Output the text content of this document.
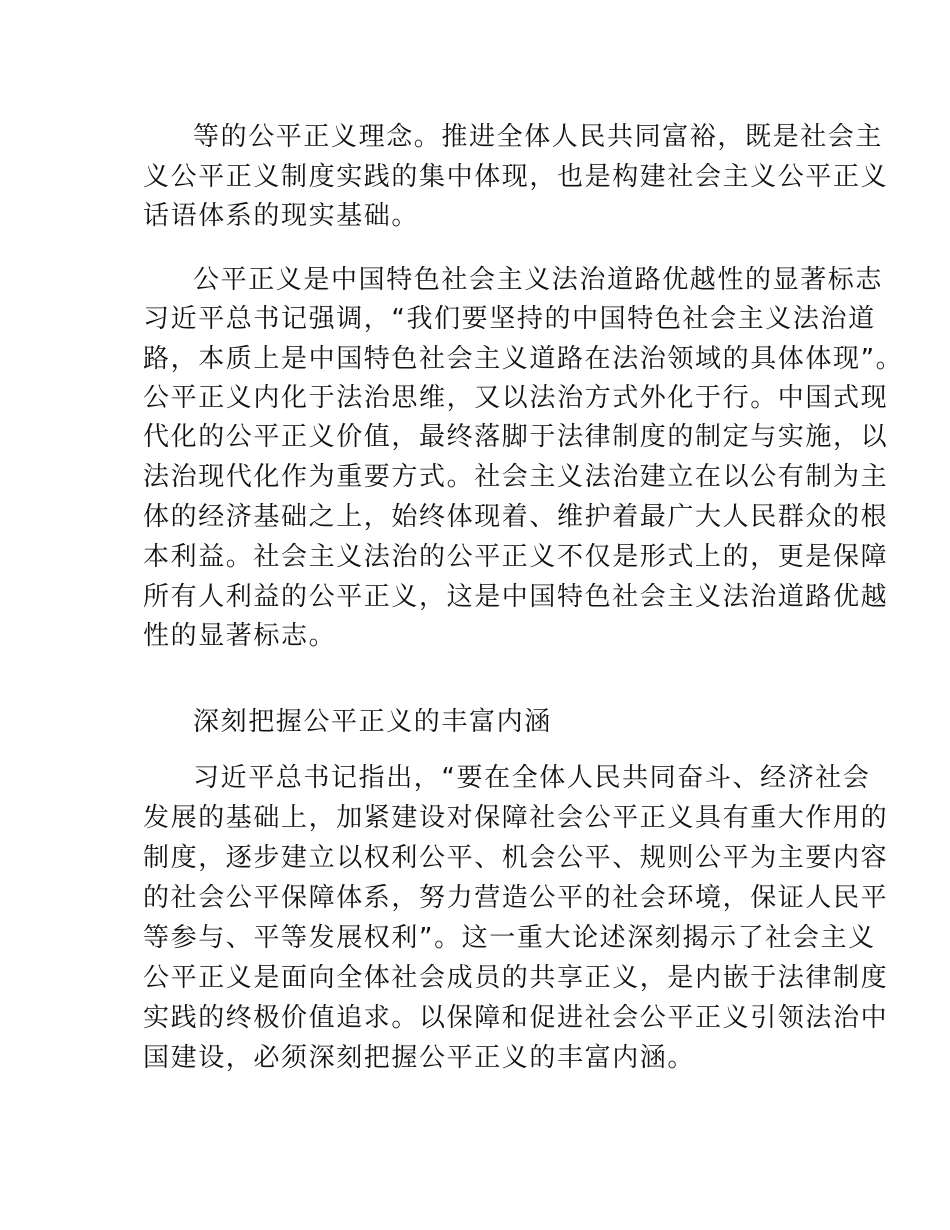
等的公平正义理念。推进全体人民共同富裕，既是社会主
义公平正义制度实践的集中体现，也是构建社会主义公平正义
话语体系的现实基础。
公平正义是中国特色社会主义法治道路优越性的显著标志
习近平总书记强调，“我们要坚持的中国特色社会主义法治道
路，本质上是中国特色社会主义道路在法治领域的具体体现”。
公平正义内化于法治思维，又以法治方式外化于行。中国式现
代化的公平正义价值，最终落脚于法律制度的制定与实施，以
法治现代化作为重要方式。社会主义法治建立在以公有制为主
体的经济基础之上，始终体现着、维护着最广大人民群众的根
本利益。社会主义法治的公平正义不仅是形式上的，更是保障
所有人利益的公平正义，这是中国特色社会主义法治道路优越
性的显著标志。
深刻把握公平正义的丰富内涵
习近平总书记指出，“要在全体人民共同奋斗、经济社会
发展的基础上，加紧建设对保障社会公平正义具有重大作用的
制度，逐步建立以权利公平、机会公平、规则公平为主要内容
的社会公平保障体系，努力营造公平的社会环境，保证人民平
等参与、平等发展权利”。这一重大论述深刻揭示了社会主义
公平正义是面向全体社会成员的共享正义，是内嵌于法律制度
实践的终极价值追求。以保障和促进社会公平正义引领法治中
国建设，必须深刻把握公平正义的丰富内涵。
